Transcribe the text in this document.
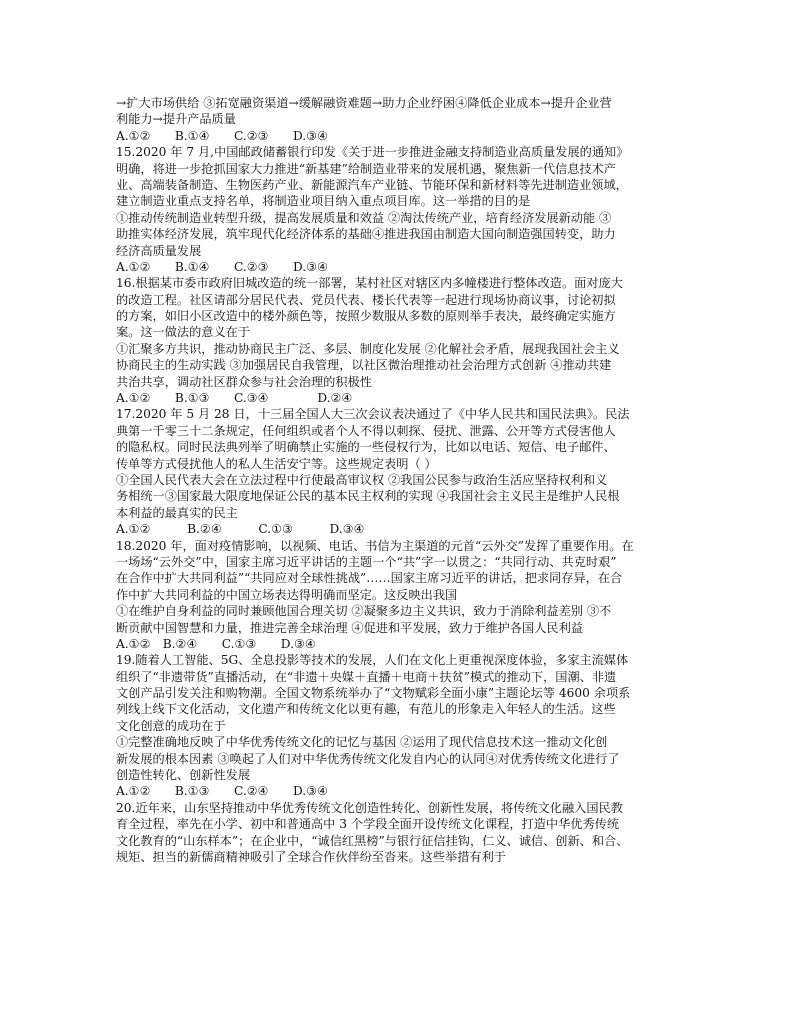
→扩大市场供给 ③拓宽融资渠道→缓解融资难题→助力企业纾困④降低企业成本→提升企业营
利能力→提升产品质量
A.①②　　B.①④　　C.②③　　D.③④
15.2020 年 7 月,中国邮政储蓄银行印发《关于进一步推进金融支持制造业高质量发展的通知》
明确，将进一步抢抓国家大力推进“新基建”给制造业带来的发展机遇，聚焦新一代信息技术产
业、高端装备制造、生物医药产业、新能源汽车产业链、节能环保和新材料等先进制造业领域，
建立制造业重点支持名单，将制造业项目纳入重点项目库。这一举措的目的是
①推动传统制造业转型升级，提高发展质量和效益 ②淘汰传统产业，培育经济发展新动能 ③
助推实体经济发展，筑牢现代化经济体系的基础④推进我国由制造大国向制造强国转变，助力
经济高质量发展
A.①②　　B.①④　　C.②③　　D.③④
16.根据某市委市政府旧城改造的统一部署，某村社区对辖区内多幢楼进行整体改造。面对庞大
的改造工程。社区请部分居民代表、党员代表、楼长代表等一起进行现场协商议事，讨论初拟
的方案，如旧小区改造中的楼外颜色等，按照少数服从多数的原则举手表决，最终确定实施方
案。这一做法的意义在于
①汇聚多方共识，推动协商民主广泛、多层、制度化发展 ②化解社会矛盾，展现我国社会主义
协商民主的生动实践 ③加强居民自我管理，以社区微治理推动社会治理方式创新 ④推动共建
共治共享，调动社区群众参与社会治理的积极性
A.①②　　B.①③　　C.③④　　　　D.②④
17.2020 年 5 月 28 日，十三届全国人大三次会议表决通过了《中华人民共和国民法典》。民法
典第一千零三十二条规定，任何组织或者个人不得以刺探、侵扰、泄露、公开等方式侵害他人
的隐私权。同时民法典列举了明确禁止实施的一些侵权行为，比如以电话、短信、电子邮件、
传单等方式侵扰他人的私人生活安宁等。这些规定表明（ ）
①全国人民代表大会在立法过程中行使最高审议权 ②我国公民参与政治生活应坚持权利和义
务相统一③国家最大限度地保证公民的基本民主权利的实现 ④我国社会主义民主是维护人民根
本利益的最真实的民主
A.①②　　　B.②④　　　C.①③　　　D.③④
18.2020 年，面对疫情影响，以视频、电话、书信为主渠道的元首“云外交”发挥了重要作用。在
一场场“云外交”中，国家主席习近平讲话的主题一个“共”字一以贯之：“共同行动、共克时艰”
在合作中扩大共同利益”“共同应对全球性挑战”……国家主席习近平的讲话，把求同存异，在合
作中扩大共同利益的中国立场表达得明确而坚定。这反映出我国
①在维护自身利益的同时兼顾他国合理关切 ②凝聚多边主义共识，致力于消除利益差别 ③不
断贡献中国智慧和力量，推进完善全球治理 ④促进和平发展，致力于维护各国人民利益
A.①②　B.②④　　C.①③　　D.③④
19.随着人工智能、5G、全息投影等技术的发展，人们在文化上更重视深度体验，多家主流媒体
组织了“非遗带货”直播活动，在“非遗＋央媒＋直播＋电商＋扶贫”模式的推动下，国潮、非遗
文创产品引发关注和购物潮。全国文物系统举办了“文物赋彩全面小康”主题论坛等 4600 余项系
列线上线下文化活动，文化遗产和传统文化以更有趣，有范儿的形象走入年轻人的生活。这些
文化创意的成功在于
①完整准确地反映了中华优秀传统文化的记忆与基因 ②运用了现代信息技术这一推动文化创
新发展的根本因素 ③唤起了人们对中华优秀传统文化发自内心的认同④对优秀传统文化进行了
创造性转化、创新性发展
A.①②　　B.①③　　C.②④　　D.③④
20.近年来，山东坚持推动中华优秀传统文化创造性转化、创新性发展，将传统文化融入国民教
育全过程，率先在小学、初中和普通高中 3 个学段全面开设传统文化课程，打造中华优秀传统
文化教育的“山东样本”；在企业中，“诚信红黑榜”与银行征信挂钩，仁义、诚信、创新、和合、
规矩、担当的新儒商精神吸引了全球合作伙伴纷至沓来。这些举措有利于
